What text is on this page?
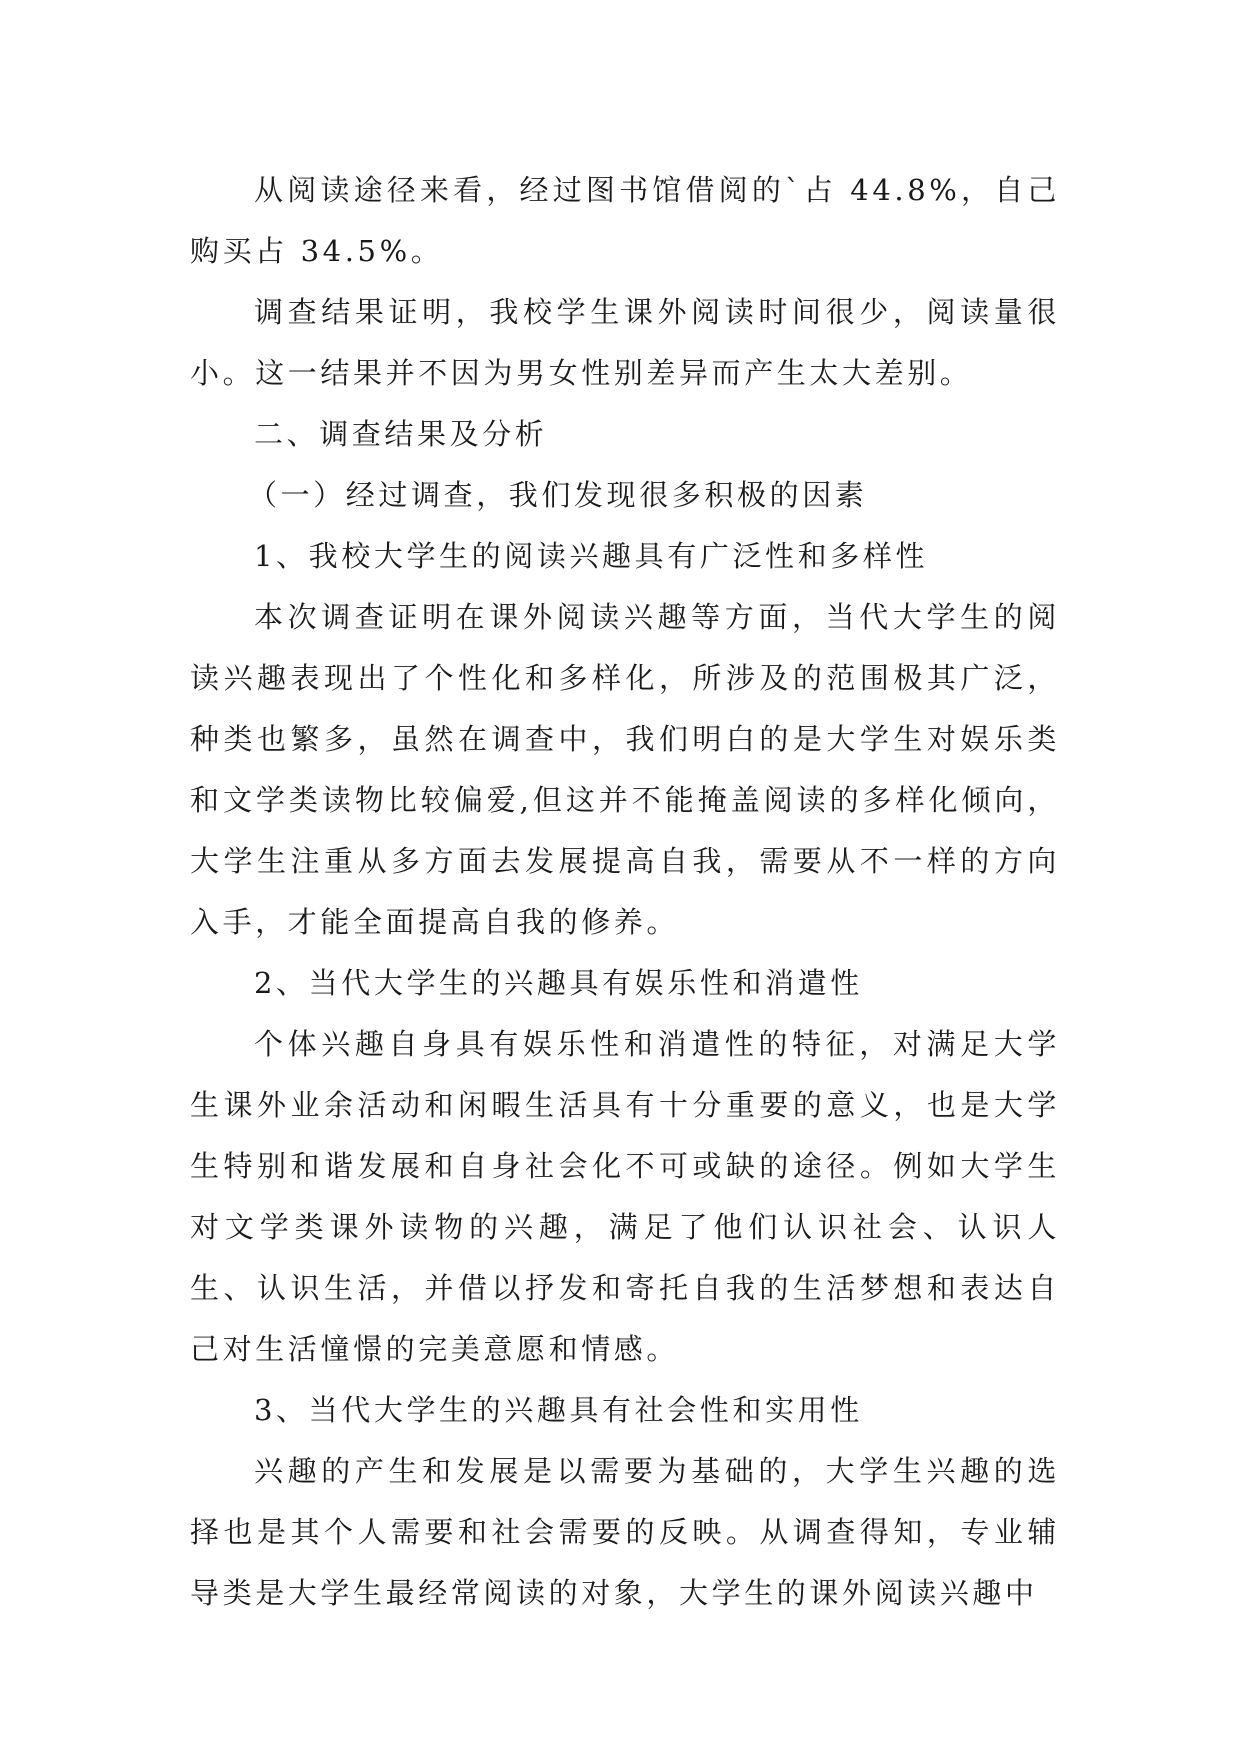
从阅读途径来看，经过图书馆借阅的`占 44.8%，自己购买占 34.5%。

调查结果证明，我校学生课外阅读时间很少，阅读量很小。这一结果并不因为男女性别差异而产生太大差别。

二、调查结果及分析

（一）经过调查，我们发现很多积极的因素

1、我校大学生的阅读兴趣具有广泛性和多样性

本次调查证明在课外阅读兴趣等方面，当代大学生的阅读兴趣表现出了个性化和多样化，所涉及的范围极其广泛，种类也繁多，虽然在调查中，我们明白的是大学生对娱乐类和文学类读物比较偏爱,但这并不能掩盖阅读的多样化倾向，大学生注重从多方面去发展提高自我，需要从不一样的方向入手，才能全面提高自我的修养。

2、当代大学生的兴趣具有娱乐性和消遣性

个体兴趣自身具有娱乐性和消遣性的特征，对满足大学生课外业余活动和闲暇生活具有十分重要的意义，也是大学生特别和谐发展和自身社会化不可或缺的途径。例如大学生对文学类课外读物的兴趣，满足了他们认识社会、认识人生、认识生活，并借以抒发和寄托自我的生活梦想和表达自己对生活憧憬的完美意愿和情感。

3、当代大学生的兴趣具有社会性和实用性

兴趣的产生和发展是以需要为基础的，大学生兴趣的选择也是其个人需要和社会需要的反映。从调查得知，专业辅导类是大学生最经常阅读的对象，大学生的课外阅读兴趣中
